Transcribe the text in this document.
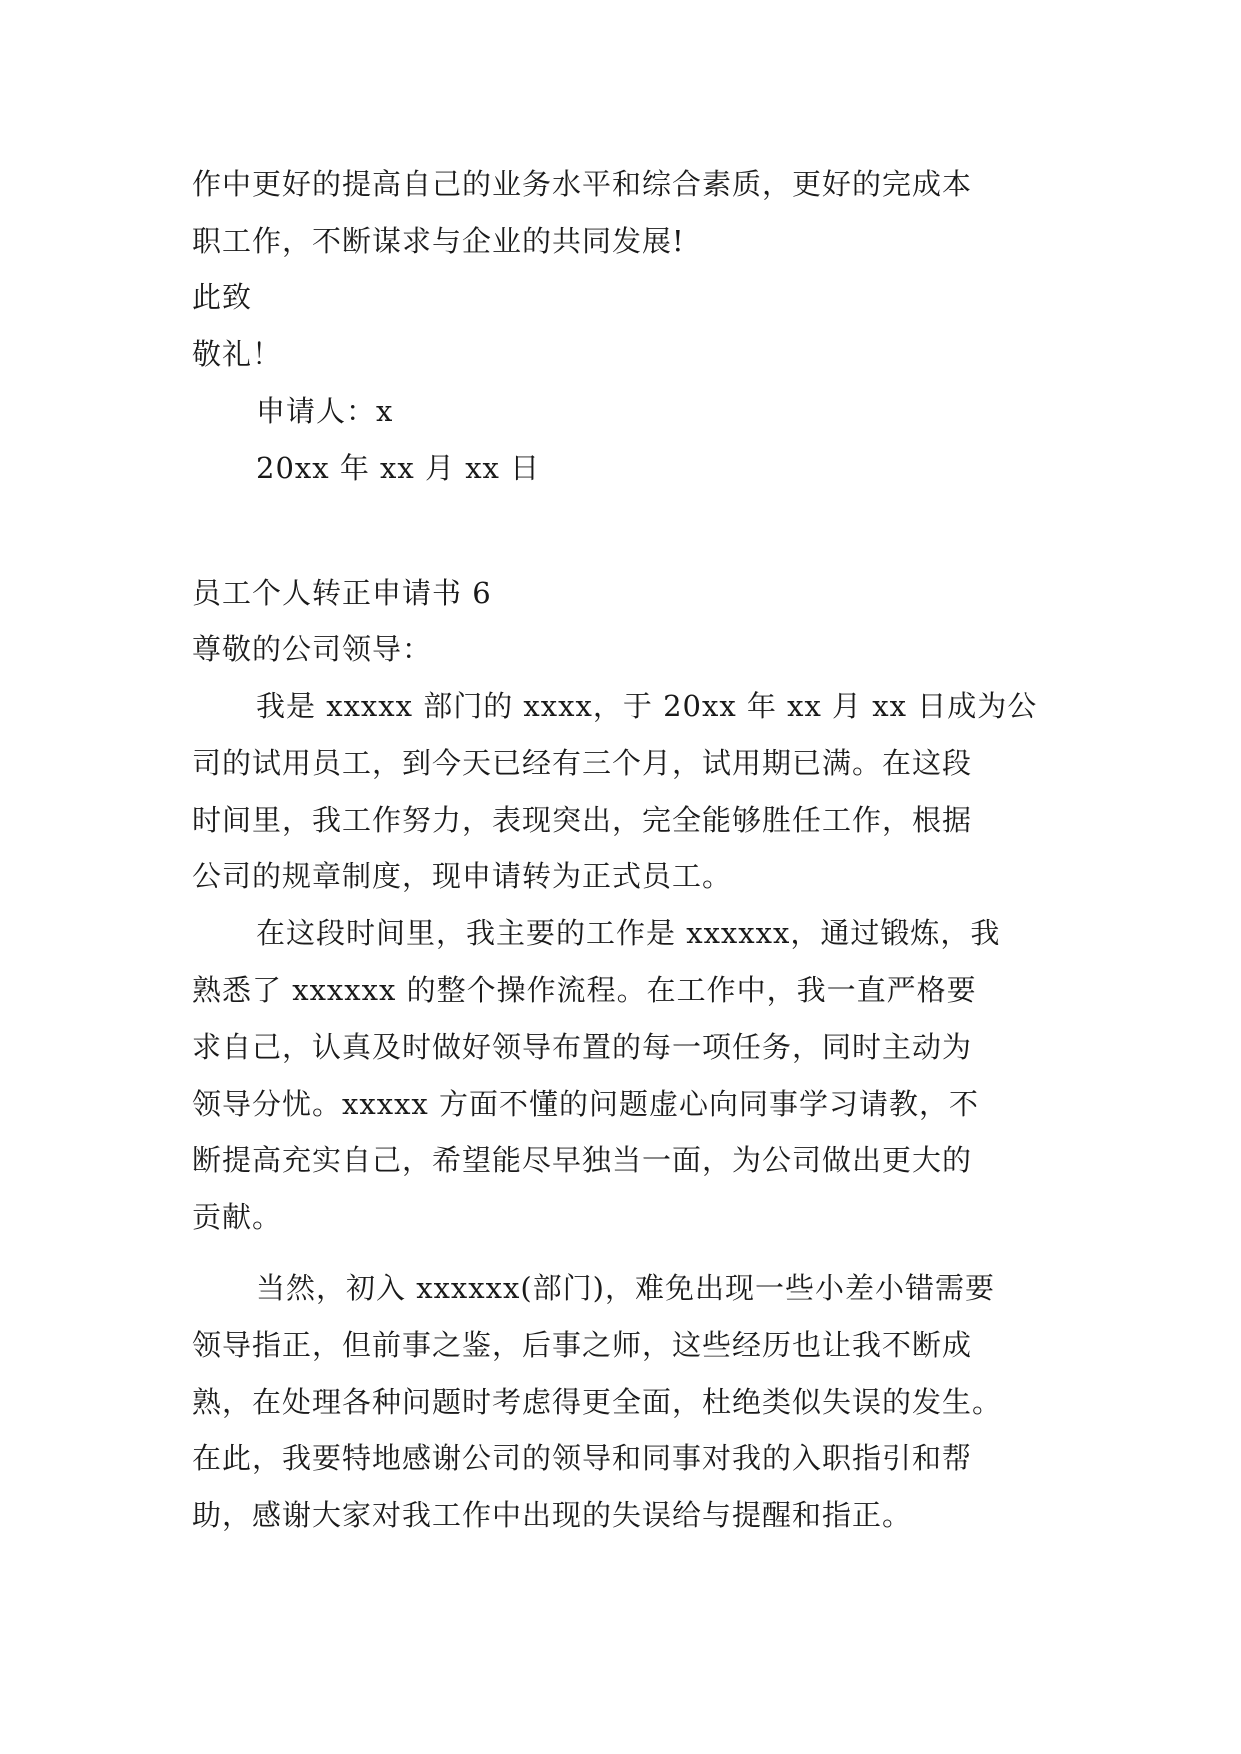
作中更好的提高自己的业务水平和综合素质，更好的完成本
职工作，不断谋求与企业的共同发展!
此致
敬礼！
申请人：x
20xx 年 xx 月 xx 日
员工个人转正申请书 6
尊敬的公司领导：
我是 xxxxx 部门的 xxxx，于 20xx 年 xx 月 xx 日成为公
司的试用员工，到今天已经有三个月，试用期已满。在这段
时间里，我工作努力，表现突出，完全能够胜任工作，根据
公司的规章制度，现申请转为正式员工。
在这段时间里，我主要的工作是 xxxxxx，通过锻炼，我
熟悉了 xxxxxx 的整个操作流程。在工作中，我一直严格要
求自己，认真及时做好领导布置的每一项任务，同时主动为
领导分忧。xxxxx 方面不懂的问题虚心向同事学习请教，不
断提高充实自己，希望能尽早独当一面，为公司做出更大的
贡献。
当然，初入 xxxxxx(部门)，难免出现一些小差小错需要
领导指正，但前事之鉴，后事之师，这些经历也让我不断成
熟，在处理各种问题时考虑得更全面，杜绝类似失误的发生。
在此，我要特地感谢公司的领导和同事对我的入职指引和帮
助，感谢大家对我工作中出现的失误给与提醒和指正。
